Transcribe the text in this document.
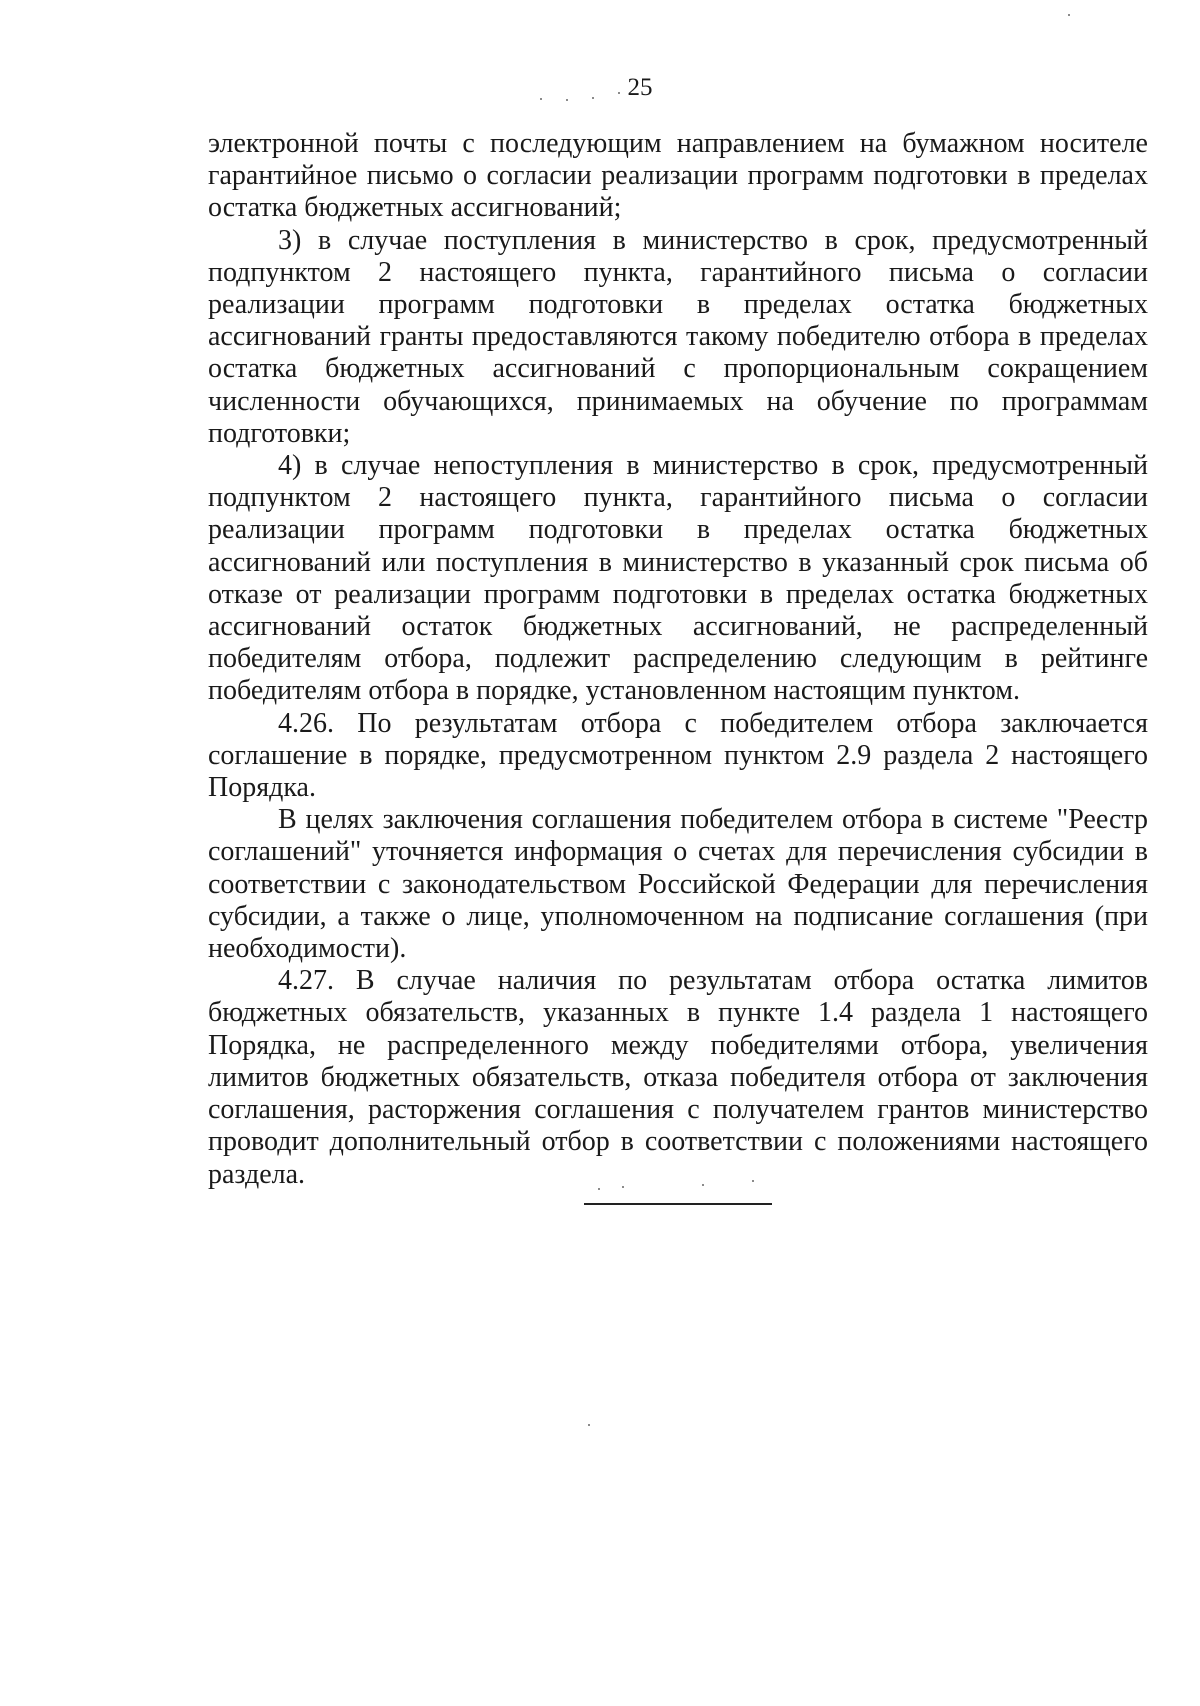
25

электронной почты с последующим направлением на бумажном носителе гарантийное письмо о согласии реализации программ подготовки в пределах остатка бюджетных ассигнований;

3) в случае поступления в министерство в срок, предусмотренный подпунктом 2 настоящего пункта, гарантийного письма о согласии реализации программ подготовки в пределах остатка бюджетных ассигнований гранты предоставляются такому победителю отбора в пределах остатка бюджетных ассигнований с пропорциональным сокращением численности обучающихся, принимаемых на обучение по программам подготовки;

4) в случае непоступления в министерство в срок, предусмотренный подпунктом 2 настоящего пункта, гарантийного письма о согласии реализации программ подготовки в пределах остатка бюджетных ассигнований или поступления в министерство в указанный срок письма об отказе от реализации программ подготовки в пределах остатка бюджетных ассигнований остаток бюджетных ассигнований, не распределенный победителям отбора, подлежит распределению следующим в рейтинге победителям отбора в порядке, установленном настоящим пунктом.

4.26. По результатам отбора с победителем отбора заключается соглашение в порядке, предусмотренном пунктом 2.9 раздела 2 настоящего Порядка.

В целях заключения соглашения победителем отбора в системе "Реестр соглашений" уточняется информация о счетах для перечисления субсидии в соответствии с законодательством Российской Федерации для перечисления субсидии, а также о лице, уполномоченном на подписание соглашения (при необходимости).

4.27. В случае наличия по результатам отбора остатка лимитов бюджетных обязательств, указанных в пункте 1.4 раздела 1 настоящего Порядка, не распределенного между победителями отбора, увеличения лимитов бюджетных обязательств, отказа победителя отбора от заключения соглашения, расторжения соглашения с получателем грантов министерство проводит дополнительный отбор в соответствии с положениями настоящего раздела.
